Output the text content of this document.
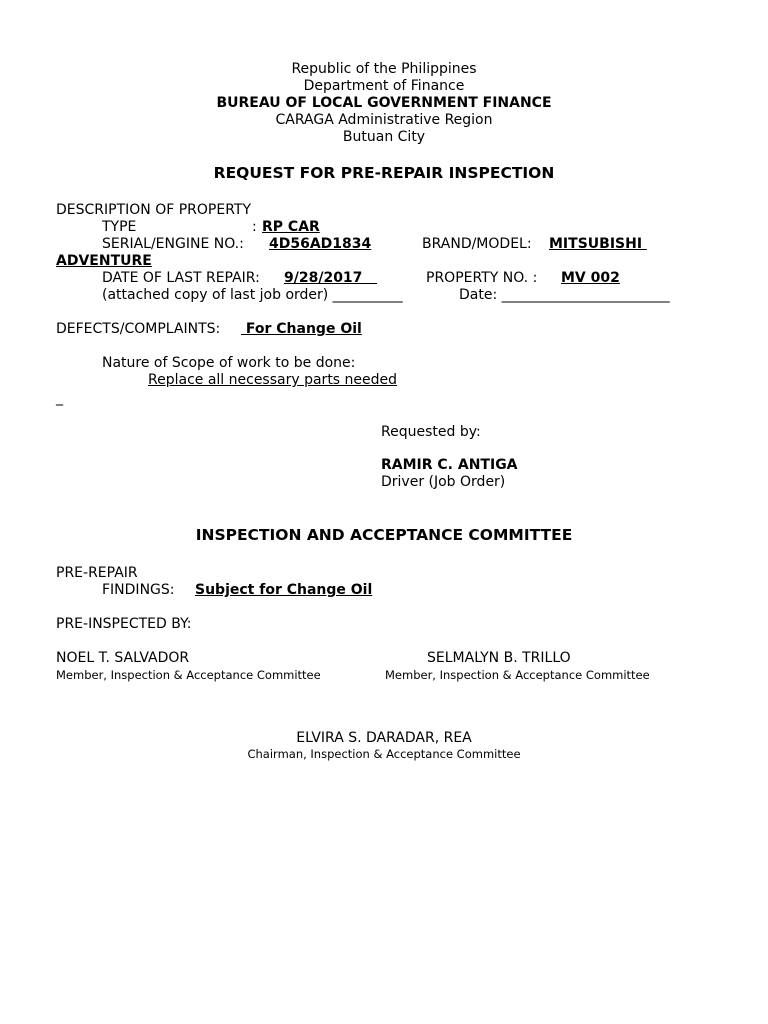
Republic of the Philippines
Department of Finance
BUREAU OF LOCAL GOVERNMENT FINANCE
CARAGA Administrative Region
Butuan City
REQUEST FOR PRE-REPAIR INSPECTION
DESCRIPTION OF PROPERTY
TYPE	: RP CAR
SERIAL/ENGINE NO.: 4D56AD1834	BRAND/MODEL: MITSUBISHI
ADVENTURE
DATE OF LAST REPAIR: 9/28/2017	PROPERTY NO. : MV 002
(attached copy of last job order) __________	Date: ________________________
DEFECTS/COMPLAINTS: For Change Oil
Nature of Scope of work to be done:
Replace all necessary parts needed
_
Requested by:
RAMIR C. ANTIGA
Driver (Job Order)
INSPECTION AND ACCEPTANCE COMMITTEE
PRE-REPAIR
FINDINGS: Subject for Change Oil
PRE-INSPECTED BY:
NOEL T. SALVADOR
Member, Inspection & Acceptance Committee
SELMALYN B. TRILLO
Member, Inspection & Acceptance Committee
ELVIRA S. DARADAR, REA
Chairman, Inspection & Acceptance Committee
